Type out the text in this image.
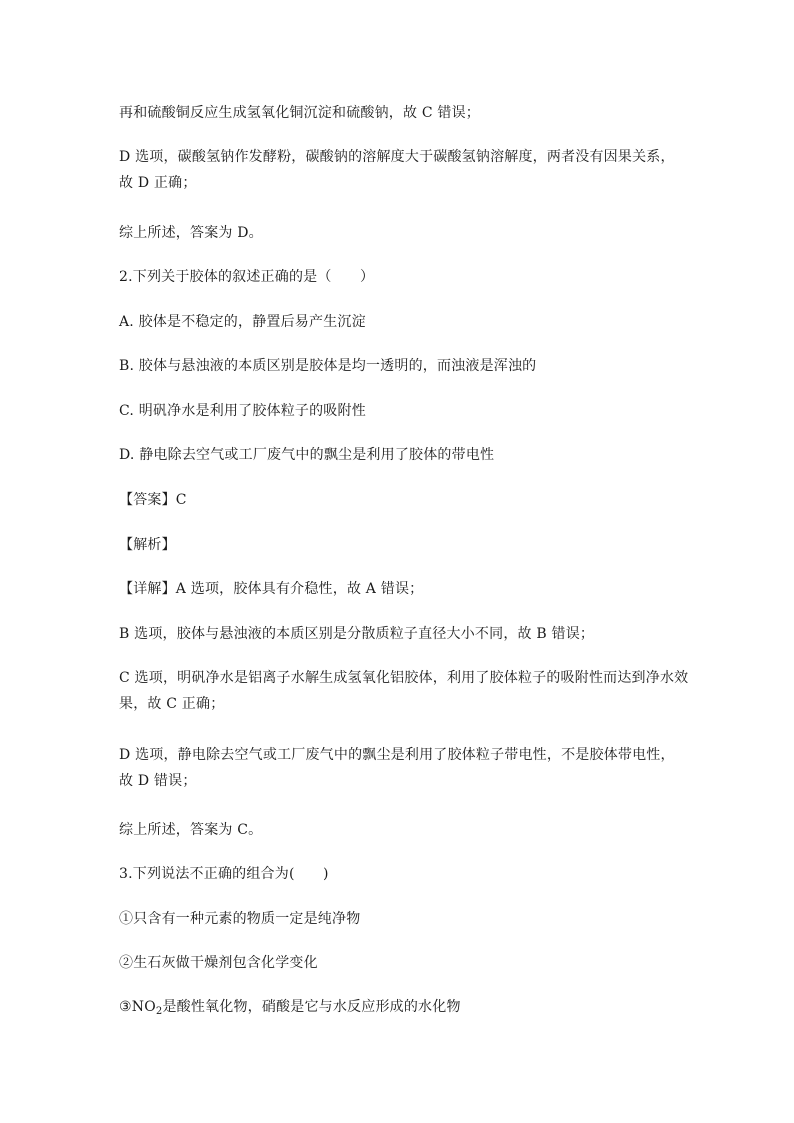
再和硫酸铜反应生成氢氧化铜沉淀和硫酸钠，故 C 错误；
D 选项，碳酸氢钠作发酵粉，碳酸钠的溶解度大于碳酸氢钠溶解度，两者没有因果关系，
故 D 正确；
综上所述，答案为 D。
2.下列关于胶体的叙述正确的是（　　）
A. 胶体是不稳定的，静置后易产生沉淀
B. 胶体与悬浊液的本质区别是胶体是均一透明的，而浊液是浑浊的
C. 明矾净水是利用了胶体粒子的吸附性
D. 静电除去空气或工厂废气中的飘尘是利用了胶体的带电性
【答案】C
【解析】
【详解】A 选项，胶体具有介稳性，故 A 错误；
B 选项，胶体与悬浊液的本质区别是分散质粒子直径大小不同，故 B 错误；
C 选项，明矾净水是铝离子水解生成氢氧化铝胶体，利用了胶体粒子的吸附性而达到净水效
果，故 C 正确；
D 选项，静电除去空气或工厂废气中的飘尘是利用了胶体粒子带电性，不是胶体带电性，
故 D 错误；
综上所述，答案为 C。
3.下列说法不正确的组合为(　　)
①只含有一种元素的物质一定是纯净物
②生石灰做干燥剂包含化学变化
$③NO_2$是酸性氧化物，硝酸是它与水反应形成的水化物
